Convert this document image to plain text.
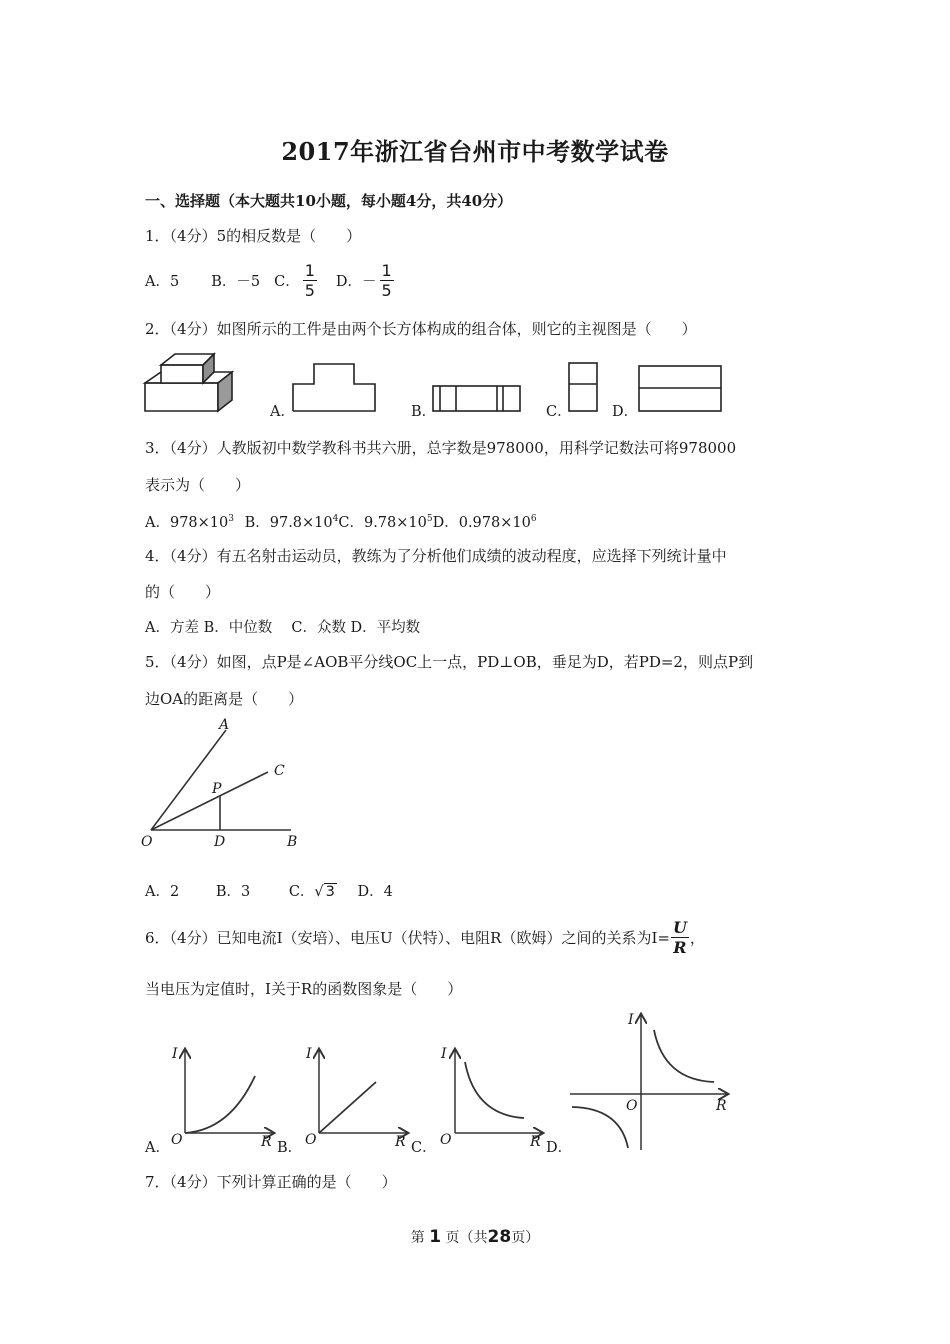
2017年浙江省台州市中考数学试卷
一、选择题（本大题共10小题，每小题4分，共40分）
1．（4分）5的相反数是（　　）
A．5 B．－5 C． $\frac{1}{5}$ D．－ $\frac{1}{5}$
2．（4分）如图所示的工件是由两个长方体构成的组合体，则它的主视图是（　　）
A．	B．	C．	D．
3．（4分）人教版初中数学教科书共六册，总字数是978000，用科学记数法可将978000
表示为（　　）
A．$978\times 10^3$ B．$97.8\times 10^4C$．$9.78\times 10^5D$．$0.978\times 10^6$
4．（4分）有五名射击运动员，教练为了分析他们成绩的波动程度，应选择下列统计量中
的（　　）
A．方差 B．中位数　 C．众数 D．平均数
5．（4分）如图，点P是∠AOB平分线OC上一点，PD⊥OB，垂足为D，若PD=2，则点P到
边OA的距离是（　　）
A
C
P
O	D	B
A．2	B．3	C．√ 3 D．4
6．（4分）已知电流I（安培）、电压U（伏特）、电阻R（欧姆）之间的关系为$I= \frac{U}{R}$ ，
当电压为定值时，I关于R的函数图象是（　　）
I
O	R
I
O	R
I
O	R
I
O	R
A．	B．	C．	D．
7．（4分）下列计算正确的是（　　）
第 1 页（共28页）
